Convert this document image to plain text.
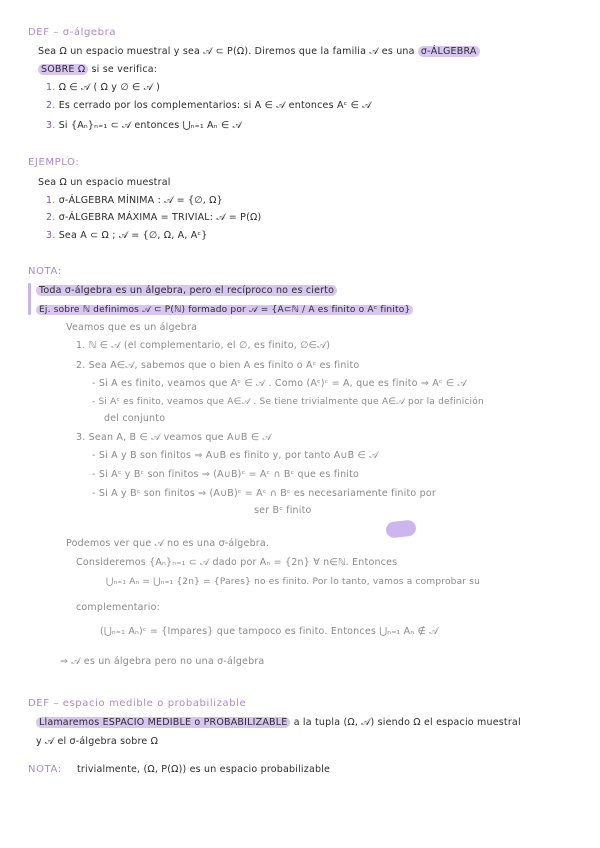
DEF – σ-álgebra
Sea Ω un espacio muestral y sea 𝒜 ⊂ P(Ω). Diremos que la familia 𝒜 es una σ-ÁLGEBRA
SOBRE Ω si se verifica:
1. Ω ∈ 𝒜 ( Ω y ∅ ∈ 𝒜 )
2. Es cerrado por los complementarios: si A ∈ 𝒜 entonces Aᶜ ∈ 𝒜
3. Si {Aₙ}ₙ₌₁ ⊂ 𝒜 entonces ⋃ₙ₌₁ Aₙ ∈ 𝒜
EJEMPLO:
Sea Ω un espacio muestral
1. σ-ÁLGEBRA MÍNIMA : 𝒜 = {∅, Ω}
2. σ-ÁLGEBRA MÁXIMA = TRIVIAL: 𝒜 = P(Ω)
3. Sea A ⊂ Ω ; 𝒜 = {∅, Ω, A, Aᶜ}
NOTA:
Toda σ-álgebra es un álgebra, pero el recíproco no es cierto
Ej. sobre ℕ definimos 𝒜 ⊂ P(ℕ) formado por 𝒜 = {A⊂ℕ / A es finito o Aᶜ finito}
Veamos que es un álgebra
1. ℕ ∈ 𝒜 (el complementario, el ∅, es finito, ∅∈𝒜)
2. Sea A∈𝒜, sabemos que o bien A es finito o Aᶜ es finito
- Si A es finito, veamos que Aᶜ ∈ 𝒜 . Como (Aᶜ)ᶜ = A, que es finito ⇒ Aᶜ ∈ 𝒜
- Si Aᶜ es finito, veamos que A∈𝒜 . Se tiene trivialmente que A∈𝒜 por la definición
del conjunto
3. Sean A, B ∈ 𝒜 veamos que A∪B ∈ 𝒜
- Si A y B son finitos ⇒ A∪B es finito y, por tanto A∪B ∈ 𝒜
- Si Aᶜ y Bᶜ son finitos ⇒ (A∪B)ᶜ = Aᶜ ∩ Bᶜ que es finito
- Si A y Bᶜ son finitos ⇒ (A∪B)ᶜ = Aᶜ ∩ Bᶜ es necesariamente finito por
ser Bᶜ finito
Podemos ver que 𝒜 no es una σ-álgebra.
Consideremos {Aₙ}ₙ₌₁ ⊂ 𝒜 dado por Aₙ = {2n} ∀ n∈ℕ. Entonces
⋃ₙ₌₁ Aₙ = ⋃ₙ₌₁ {2n} = {Pares} no es finito. Por lo tanto, vamos a comprobar su
complementario:
(⋃ₙ₌₁ Aₙ)ᶜ = {Impares} que tampoco es finito. Entonces ⋃ₙ₌₁ Aₙ ∉ 𝒜
⇒ 𝒜 es un álgebra pero no una σ-álgebra
DEF – espacio medible o probabilizable
Llamaremos ESPACIO MEDIBLE o PROBABILIZABLE a la tupla (Ω, 𝒜) siendo Ω el espacio muestral
y 𝒜 el σ-álgebra sobre Ω
NOTA: trivialmente, (Ω, P(Ω)) es un espacio probabilizable
